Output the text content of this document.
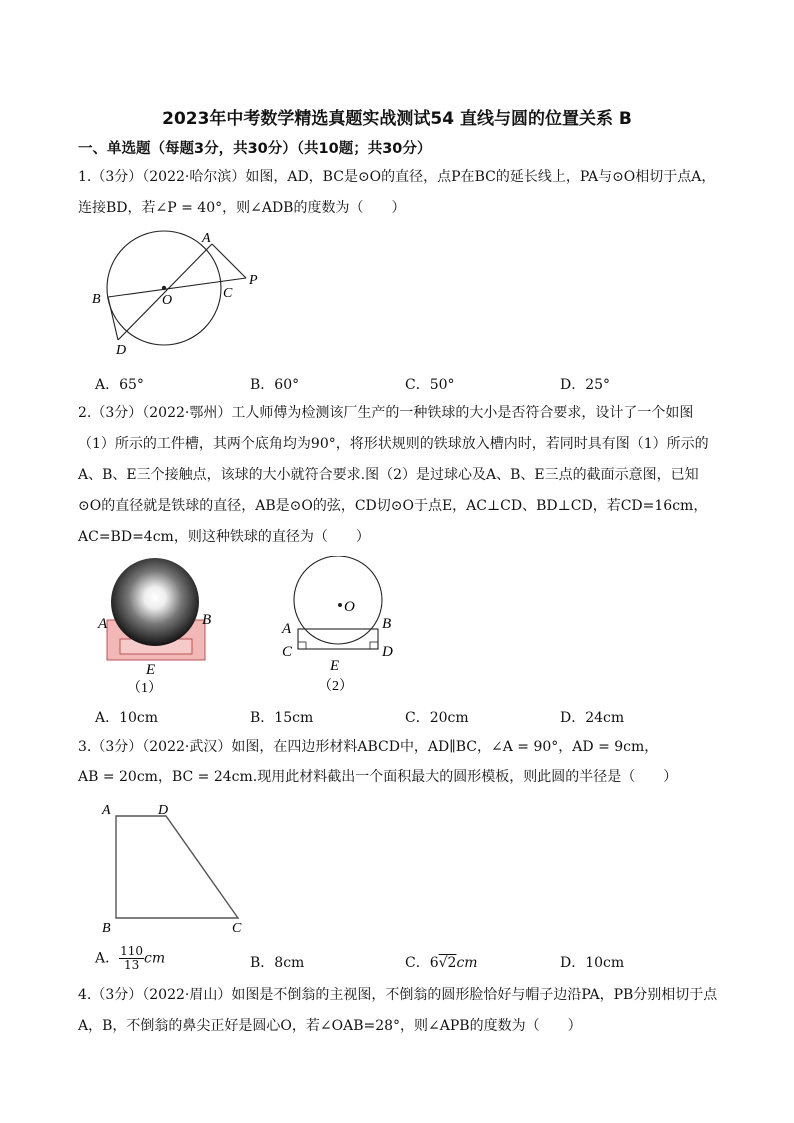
2023年中考数学精选真题实战测试54 直线与圆的位置关系 B
一、单选题（每题3分，共30分）（共10题；共30分）
1.（3分）（2022·哈尔滨）如图，AD，BC是⊙O的直径，点P在BC的延长线上，PA与⊙O相切于点A，连接BD，若∠P = 40°，则∠ADB的度数为（　　）
A
B	C
D
O
P
A．65°	B．60°	C．50°	D．25°
2.（3分）（2022·鄂州）工人师傅为检测该厂生产的一种铁球的大小是否符合要求，设计了一个如图（1）所示的工件槽，其两个底角均为90°，将形状规则的铁球放入槽内时，若同时具有图（1）所示的A、B、E三个接触点，该球的大小就符合要求.图（2）是过球心及A、B、E三点的截面示意图，已知⊙O的直径就是铁球的直径，AB是⊙O的弦，CD切⊙O于点E，AC⊥CD、BD⊥CD，若CD=16cm，AC=BD=4cm，则这种铁球的直径为（　　）
A	B
E
（1）
O
A	B
C	D
E
（2）
A．10cm	B．15cm	C．20cm	D．24cm
3.（3分）（2022·武汉）如图，在四边形材料ABCD中，AD∥BC，∠A = 90°，AD = 9cm，
AB = 20cm，BC = 24cm.现用此材料截出一个面积最大的圆形模板，则此圆的半径是（　　）
A	D
B	C
A． $\frac{110}{13}$ cm	B．8cm	C．6√2cm	D．10cm
4.（3分）（2022·眉山）如图是不倒翁的主视图，不倒翁的圆形脸恰好与帽子边沿PA，PB分别相切于点A，B，不倒翁的鼻尖正好是圆心O，若∠OAB=28°，则∠APB的度数为（　　）
